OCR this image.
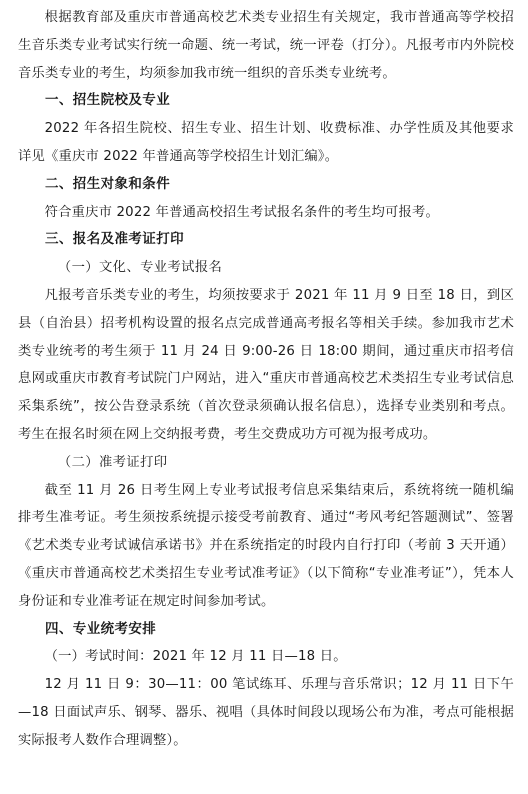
根据教育部及重庆市普通高校艺术类专业招生有关规定，我市普通高等学校招生音乐类专业考试实行统一命题、统一考试，统一评卷（打分）。凡报考市内外院校音乐类专业的考生，均须参加我市统一组织的音乐类专业统考。

一、招生院校及专业

2022 年各招生院校、招生专业、招生计划、收费标准、办学性质及其他要求详见《重庆市 2022 年普通高等学校招生计划汇编》。

二、招生对象和条件

符合重庆市 2022 年普通高校招生考试报名条件的考生均可报考。

三、报名及准考证打印

（一）文化、专业考试报名

凡报考音乐类专业的考生，均须按要求于 2021 年 11 月 9 日至 18 日，到区县（自治县）招考机构设置的报名点完成普通高考报名等相关手续。参加我市艺术类专业统考的考生须于 11 月 24 日 9:00-26 日 18:00 期间，通过重庆市招考信息网或重庆市教育考试院门户网站，进入“重庆市普通高校艺术类招生专业考试信息采集系统”，按公告登录系统（首次登录须确认报名信息），选择专业类别和考点。考生在报名时须在网上交纳报考费，考生交费成功方可视为报考成功。

（二）准考证打印

截至 11 月 26 日考生网上专业考试报考信息采集结束后，系统将统一随机编排考生准考证。考生须按系统提示接受考前教育、通过“考风考纪答题测试”、签署《艺术类专业考试诚信承诺书》并在系统指定的时段内自行打印（考前 3 天开通）《重庆市普通高校艺术类招生专业考试准考证》（以下简称“专业准考证”），凭本人身份证和专业准考证在规定时间参加考试。

四、专业统考安排

（一）考试时间：2021 年 12 月 11 日—18 日。

12 月 11 日 9：30—11：00 笔试练耳、乐理与音乐常识；12 月 11 日下午—18 日面试声乐、钢琴、器乐、视唱（具体时间段以现场公布为准，考点可能根据实际报考人数作合理调整）。
